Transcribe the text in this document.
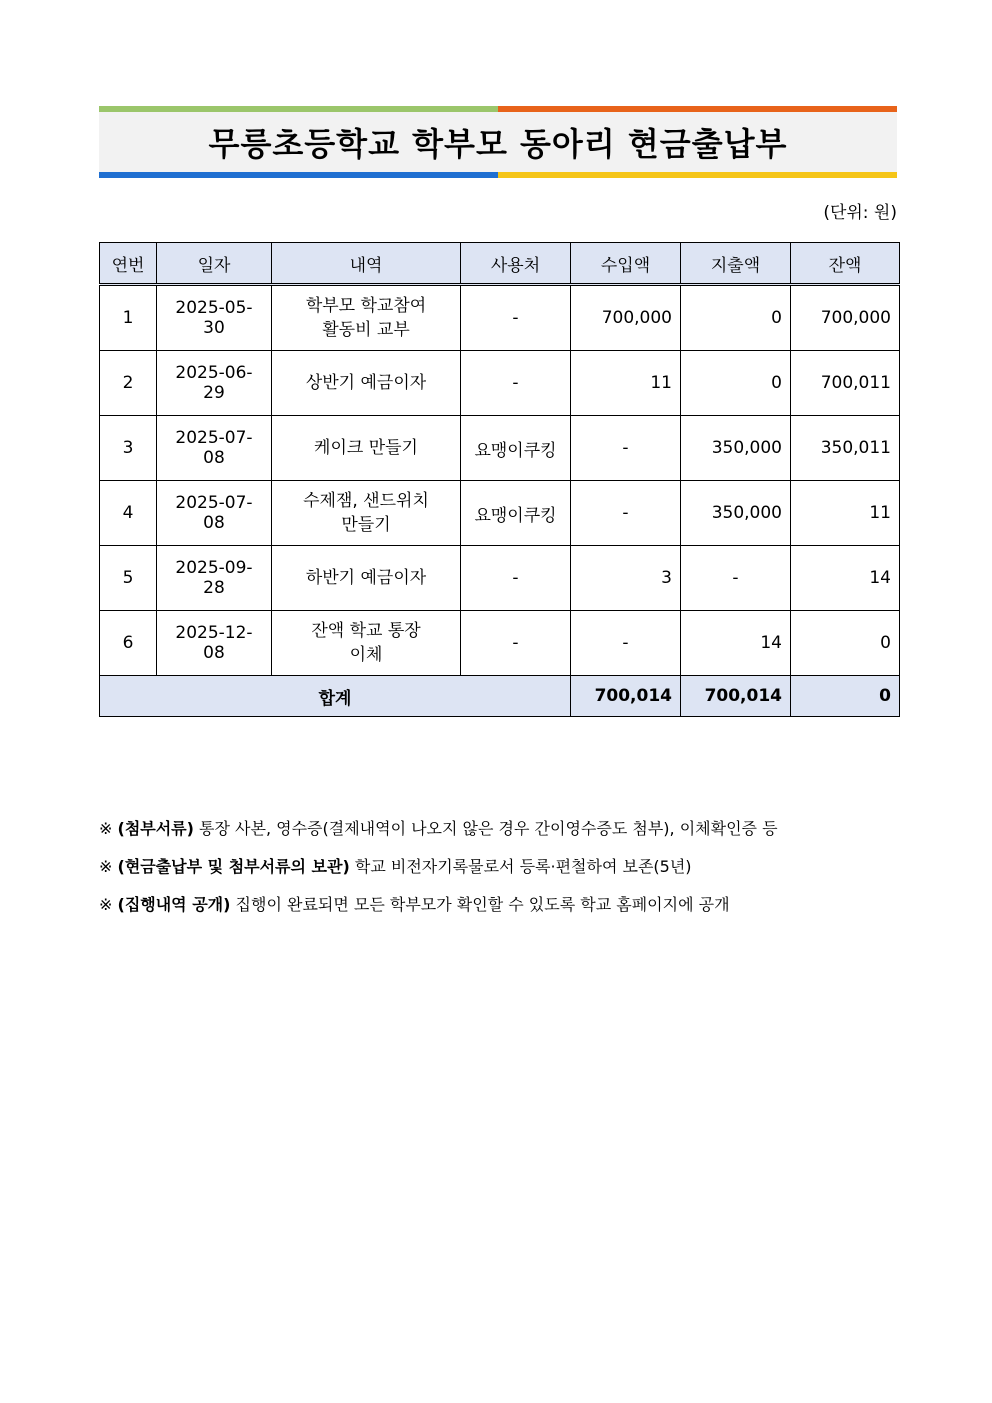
무릉초등학교 학부모 동아리 현금출납부
(단위: 원)
연번	일자	내역	사용처	수입액	지출액	잔액
1	2025-05-30	학부모 학교참여
활동비 교부	-	700,000	0	700,000
2	2025-06-29	상반기 예금이자	-	11	0	700,011
3	2025-07-08	케이크 만들기	요맹이쿠킹	-	350,000	350,011
4	2025-07-08	수제잼, 샌드위치
만들기	요맹이쿠킹	-	350,000	11
5	2025-09-28	하반기 예금이자	-	3	-	14
6	2025-12-08	잔액 학교 통장
이체	-	-	14	0
합계				700,014	700,014	0
※ (첨부서류) 통장 사본, 영수증(결제내역이 나오지 않은 경우 간이영수증도 첨부), 이체확인증 등
※ (현금출납부 및 첨부서류의 보관) 학교 비전자기록물로서 등록·편철하여 보존(5년)
※ (집행내역 공개) 집행이 완료되면 모든 학부모가 확인할 수 있도록 학교 홈페이지에 공개
